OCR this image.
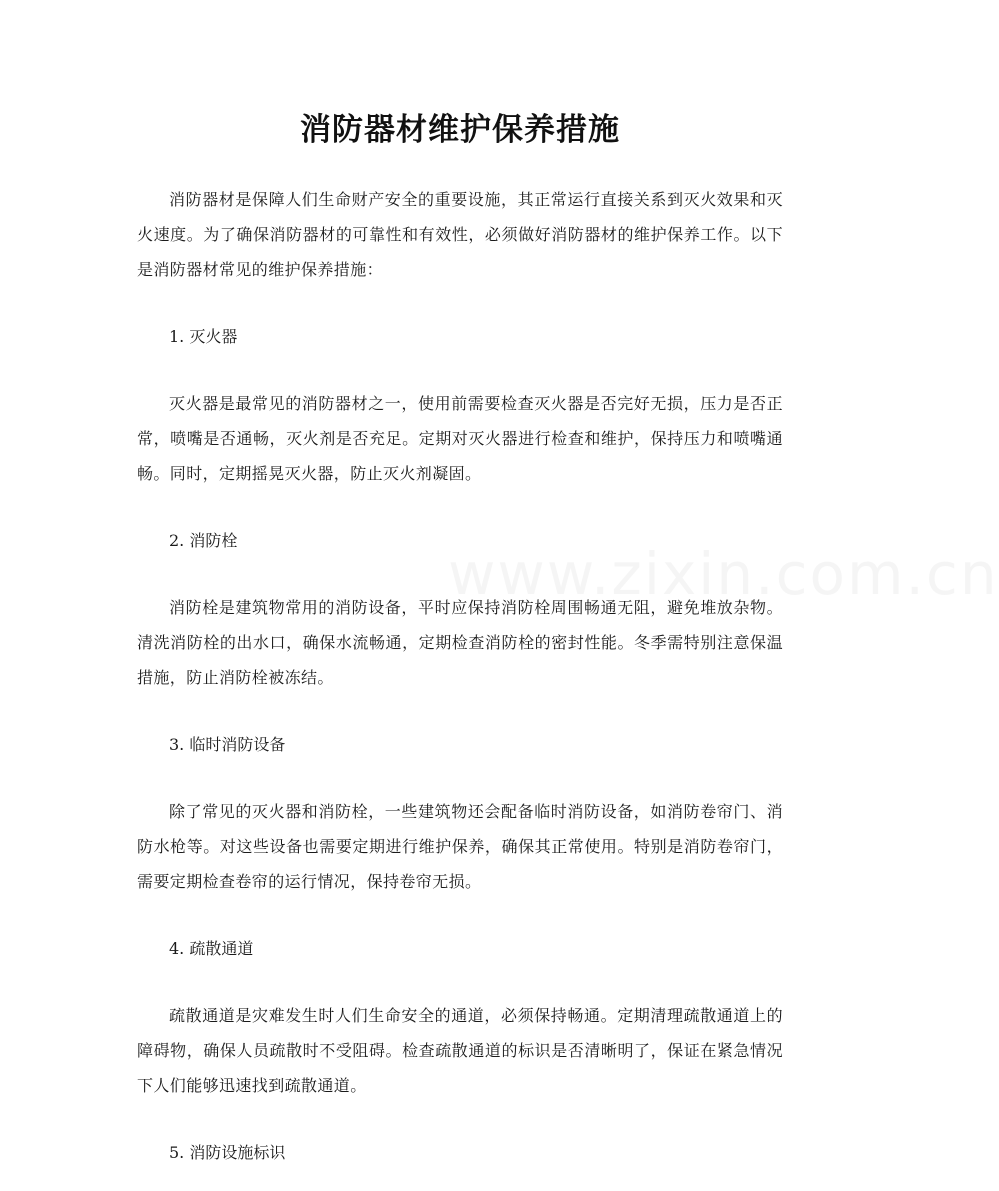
www.zixin.com.cn
消防器材维护保养措施

消防器材是保障人们生命财产安全的重要设施，其正常运行直接关系到灭火效果和灭火速度。为了确保消防器材的可靠性和有效性，必须做好消防器材的维护保养工作。以下是消防器材常见的维护保养措施：

1. 灭火器

灭火器是最常见的消防器材之一，使用前需要检查灭火器是否完好无损，压力是否正常，喷嘴是否通畅，灭火剂是否充足。定期对灭火器进行检查和维护，保持压力和喷嘴通畅。同时，定期摇晃灭火器，防止灭火剂凝固。

2. 消防栓

消防栓是建筑物常用的消防设备，平时应保持消防栓周围畅通无阻，避免堆放杂物。清洗消防栓的出水口，确保水流畅通，定期检查消防栓的密封性能。冬季需特别注意保温措施，防止消防栓被冻结。

3. 临时消防设备

除了常见的灭火器和消防栓，一些建筑物还会配备临时消防设备，如消防卷帘门、消防水枪等。对这些设备也需要定期进行维护保养，确保其正常使用。特别是消防卷帘门，需要定期检查卷帘的运行情况，保持卷帘无损。

4. 疏散通道

疏散通道是灾难发生时人们生命安全的通道，必须保持畅通。定期清理疏散通道上的障碍物，确保人员疏散时不受阻碍。检查疏散通道的标识是否清晰明了，保证在紧急情况下人们能够迅速找到疏散通道。

5. 消防设施标识
